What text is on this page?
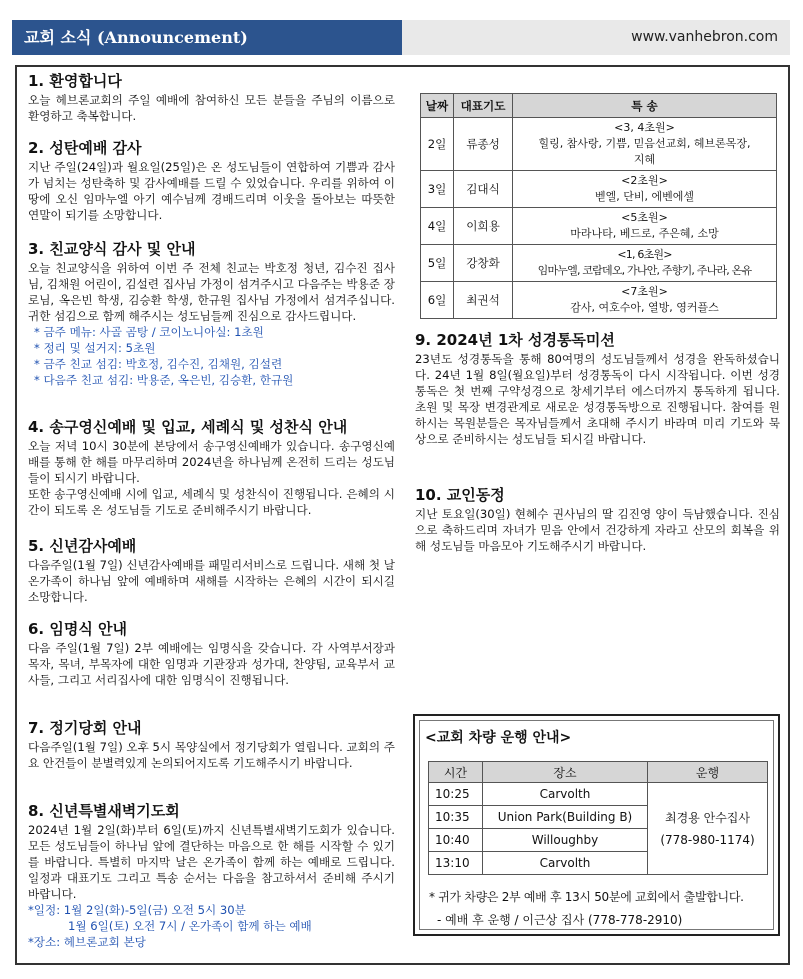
교회 소식 (Announcement)	www.vanhebron.com
1. 환영합니다

오늘 헤브론교회의 주일 예배에 참여하신 모든 분들을 주님의 이름으로 환영하고 축복합니다.

2. 성탄예배 감사

지난 주일(24일)과 월요일(25일)은 온 성도님들이 연합하여 기쁨과 감사가 넘치는 성탄축하 및 감사예배를 드릴 수 있었습니다. 우리를 위하여 이 땅에 오신 임마누엘 아기 예수님께 경배드리며 이웃을 돌아보는 따뜻한 연말이 되기를 소망합니다.

3. 친교양식 감사 및 안내

오늘 친교양식을 위하여 이번 주 전체 친교는 박호정 청년, 김수진 집사님, 김채원 어린이, 김설련 집사님 가정이 섬겨주시고 다음주는 박용준 장로님, 옥은빈 학생, 김승환 학생, 한규원 집사님 가정에서 섬겨주십니다. 귀한 섬김으로 함께 해주시는 성도님들께 진심으로 감사드립니다.

* 금주 메뉴: 사골 곰탕 / 코이노니아실: 1초원
* 정리 및 설거지: 5초원
* 금주 친교 섬김: 박호정, 김수진, 김채원, 김설련
* 다음주 친교 섬김: 박용준, 옥은빈, 김승환, 한규원
4. 송구영신예배 및 입교, 세례식 및 성찬식 안내

오늘 저녁 10시 30분에 본당에서 송구영신예배가 있습니다. 송구영신예배를 통해 한 해를 마무리하며 2024년을 하나님께 온전히 드리는 성도님들이 되시기 바랍니다.

또한 송구영신예배 시에 입교, 세례식 및 성찬식이 진행됩니다. 은혜의 시간이 되도록 온 성도님들 기도로 준비해주시기 바랍니다.

5. 신년감사예배

다음주일(1월 7일) 신년감사예배를 패밀리서비스로 드립니다. 새해 첫 날 온가족이 하나님 앞에 예배하며 새해를 시작하는 은혜의 시간이 되시길 소망합니다.

6. 임명식 안내

다음 주일(1월 7일) 2부 예배에는 임명식을 갖습니다. 각 사역부서장과 목자, 목녀, 부목자에 대한 임명과 기관장과 성가대, 찬양팀, 교육부서 교사들, 그리고 서리집사에 대한 임명식이 진행됩니다.

7. 정기당회 안내

다음주일(1월 7일) 오후 5시 목양실에서 정기당회가 열립니다. 교회의 주요 안건들이 분별력있게 논의되어지도록 기도해주시기 바랍니다.

8. 신년특별새벽기도회

2024년 1월 2일(화)부터 6일(토)까지 신년특별새벽기도회가 있습니다. 모든 성도님들이 하나님 앞에 결단하는 마음으로 한 해를 시작할 수 있기를 바랍니다. 특별히 마지막 날은 온가족이 함께 하는 예배로 드립니다. 일정과 대표기도 그리고 특송 순서는 다음을 참고하셔서 준비해 주시기 바랍니다.

*일정: 1월 2일(화)-5일(금) 오전 5시 30분
1월 6일(토) 오전 7시 / 온가족이 함께 하는 예배
*장소: 헤브론교회 본당
날짜	대표기도	특 송
2일	류종성	<3, 4초원>
힐링, 참사랑, 기쁨, 믿음선교회, 헤브론목장, 지혜

3일	김대식	<2초원>
벧엘, 단비, 에벤에셀

4일	이희용	<5초원>
마라나타, 베드로, 주은혜, 소망

5일	강창화	<1, 6초원>
임마누엘, 코람데오, 가나안, 주향기, 주나라, 온유

6일	최권석	<7초원>
감사, 여호수아, 열방, 영커플스
9. 2024년 1차 성경통독미션

23년도 성경통독을 통해 80여명의 성도님들께서 성경을 완독하셨습니다. 24년 1월 8일(월요일)부터 성경통독이 다시 시작됩니다. 이번 성경통독은 첫 번째 구약성경으로 창세기부터 에스더까지 통독하게 됩니다. 초원 및 목장 변경관계로 새로운 성경통독방으로 진행됩니다. 참여를 원하시는 목원분들은 목자님들께서 초대해 주시기 바라며 미리 기도와 묵상으로 준비하시는 성도님들 되시길 바랍니다.

10. 교인동정

지난 토요일(30일) 현혜수 권사님의 딸 김진영 양이 득남했습니다. 진심으로 축하드리며 자녀가 믿음 안에서 건강하게 자라고 산모의 회복을 위해 성도님들 마음모아 기도해주시기 바랍니다.

<교회 차량 운행 안내>
시간	장소	운행
10:25	Carvolth	최경용 안수집사
(778-980-1174)

10:35	Union Park(Building B)	
10:40	Willoughby	
13:10	Carvolth	
* 귀가 차량은 2부 예배 후 13시 50분에 교회에서 출발합니다.
- 예배 후 운행 / 이근상 집사 (778-778-2910)
